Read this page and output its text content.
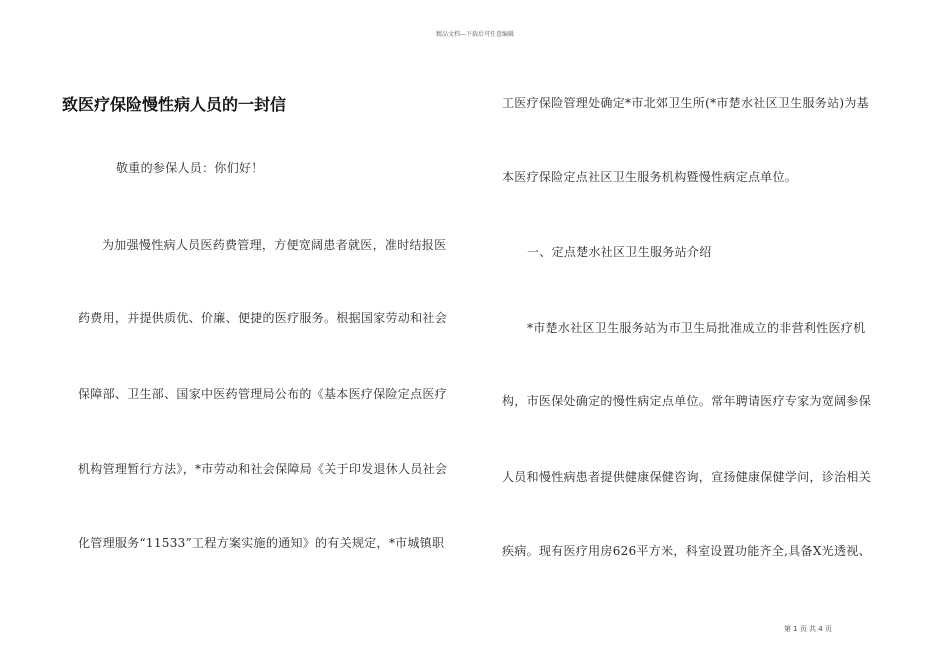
精品文档---下载后可任意编辑
致医疗保险慢性病人员的一封信
敬重的参保人员：你们好！
为加强慢性病人员医药费管理，方便宽阔患者就医，准时结报医
药费用，并提供质优、价廉、便捷的医疗服务。根据国家劳动和社会
保障部、卫生部、国家中医药管理局公布的《基本医疗保险定点医疗
机构管理暂行方法》，*市劳动和社会保障局《关于印发退休人员社会
化管理服务“11533”工程方案实施的通知》的有关规定，*市城镇职
工医疗保险管理处确定*市北郊卫生所(*市楚水社区卫生服务站)为基
本医疗保险定点社区卫生服务机构暨慢性病定点单位。
一、定点楚水社区卫生服务站介绍
*市楚水社区卫生服务站为市卫生局批准成立的非营利性医疗机
构，市医保处确定的慢性病定点单位。常年聘请医疗专家为宽阔参保
人员和慢性病患者提供健康保健咨询，宣扬健康保健学问，诊治相关
疾病。现有医疗用房626平方米，科室设置功能齐全,具备X光透视、
第 1 页 共 4 页
